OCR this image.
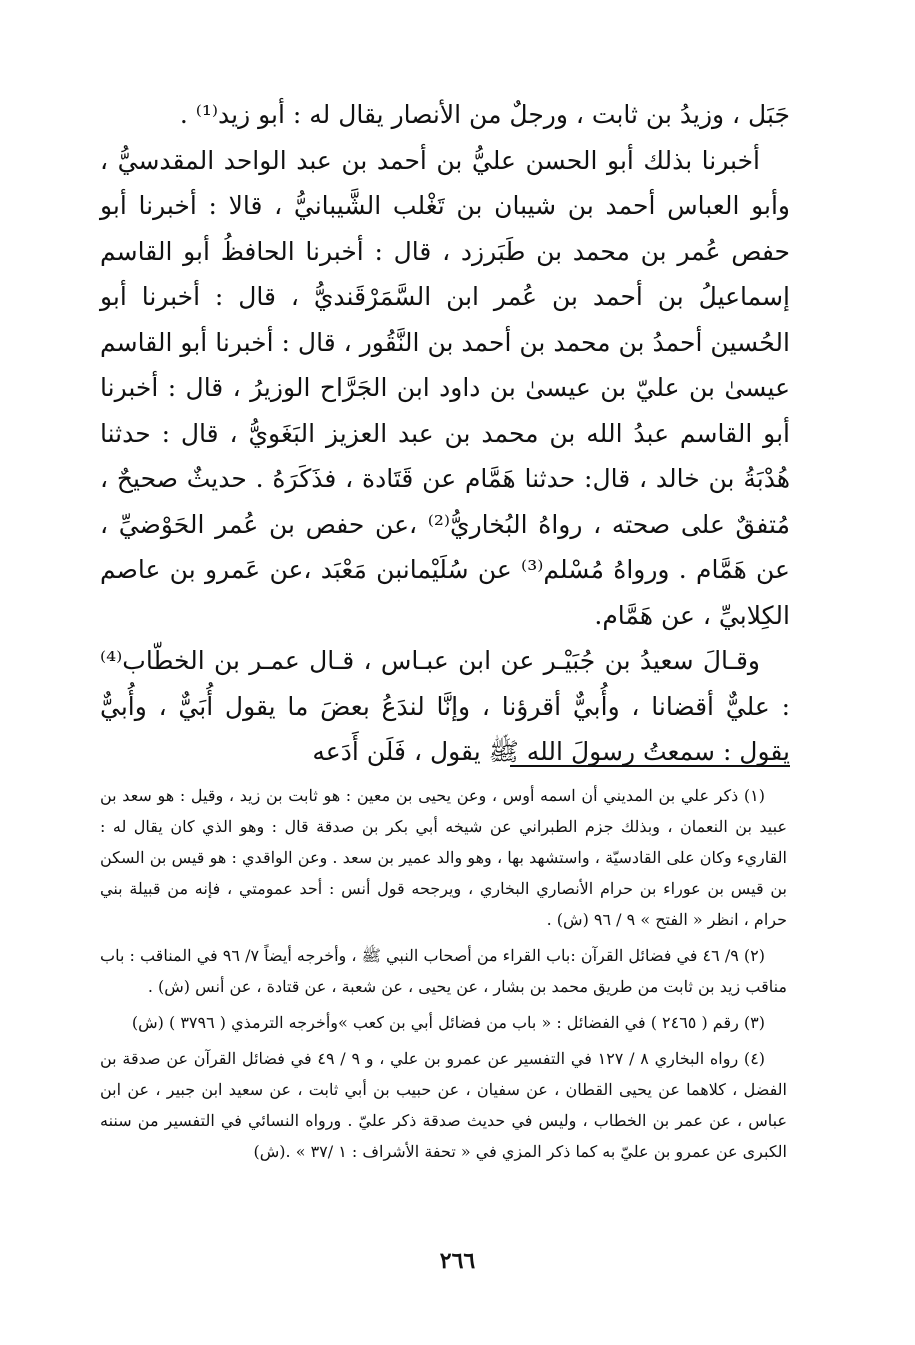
جَبَل ، وزيدُ بن ثابت ، ورجلٌ من الأنصار يقال له : أبو زيد⁽¹⁾ .

أخبرنا بذلك أبو الحسن عليُّ بن أحمد بن عبد الواحد المقدسيُّ ، وأبو العباس أحمد بن شيبان بن تَغْلب الشَّيبانيُّ ، قالا : أخبرنا أبو حفص عُمر بن محمد بن طَبَرزد ، قال : أخبرنا الحافظُ أبو القاسم إسماعيلُ بن أحمد بن عُمر ابن السَّمَرْقَنديُّ ، قال : أخبرنا أبو الحُسين أحمدُ بن محمد بن أحمد بن النَّقُور ، قال : أخبرنا أبو القاسم عيسىٰ بن عليّ بن عيسىٰ بن داود ابن الجَرَّاح الوزيرُ ، قال : أخبرنا أبو القاسم عبدُ الله بن محمد بن عبد العزيز البَغَويُّ ، قال : حدثنا هُدْبَةُ بن خالد ، قال: حدثنا هَمَّام عن قَتَادة ، فذَكَرَهُ . حديثٌ صحيحٌ ، مُتفقٌ على صحته ، رواهُ البُخاريُّ⁽²⁾ ،عن حفص بن عُمر الحَوْضيِّ ، عن هَمَّام . ورواهُ مُسْلم⁽³⁾ عن سُلَيْمانبن مَعْبَد ،عن عَمرو بن عاصم الكِلابيِّ ، عن هَمَّام.

وقـالَ سعيدُ بن جُبَيْـر عن ابن عبـاس ، قـال عمـر بن الخطّاب⁽⁴⁾ : عليٌّ أقضانا ، وأُبيٌّ أقرؤنا ، وإنَّا لندَعُ بعضَ ما يقول أُبَيٌّ ، وأُبيٌّ يقول : سمعتُ رسولَ الله ﷺ يقول ، فَلَن أَدَعه

(١) ذكر علي بن المديني أن اسمه أوس ، وعن يحيى بن معين : هو ثابت بن زيد ، وقيل : هو سعد بن عبيد بن النعمان ، وبذلك جزم الطبراني عن شيخه أبي بكر بن صدقة قال : وهو الذي كان يقال له : القاريء وكان على القادسيّة ، واستشهد بها ، وهو والد عمير بن سعد . وعن الواقدي : هو قيس بن السكن بن قيس بن عوراء بن حرام الأنصاري البخاري ، ويرجحه قول أنس : أحد عمومتي ، فإنه من قبيلة بني حرام ، انظر « الفتح » ٩ / ٩٦ (ش) .

(٢) ٩/ ٤٦ في فضائل القرآن :باب القراء من أصحاب النبي ﷺ ، وأخرجه أيضاً ٧/ ٩٦ في المناقب : باب مناقب زيد بن ثابت من طريق محمد بن بشار ، عن يحيى ، عن شعبة ، عن قتادة ، عن أنس (ش) .

(٣) رقم ( ٢٤٦٥ ) في الفضائل : « باب من فضائل أبي بن كعب »وأخرجه الترمذي ( ٣٧٩٦ ) (ش)

(٤) رواه البخاري ٨ / ١٢٧ في التفسير عن عمرو بن علي ، و ٩ / ٤٩ في فضائل القرآن عن صدقة بن الفضل ، كلاهما عن يحيى القطان ، عن سفيان ، عن حبيب بن أبي ثابت ، عن سعيد ابن جبير ، عن ابن عباس ، عن عمر بن الخطاب ، وليس في حديث صدقة ذكر عليّ . ورواه النسائي في التفسير من سننه الكبرى عن عمرو بن عليّ به كما ذكر المزي في « تحفة الأشراف : ١ /٣٧ » .(ش)

٢٦٦
